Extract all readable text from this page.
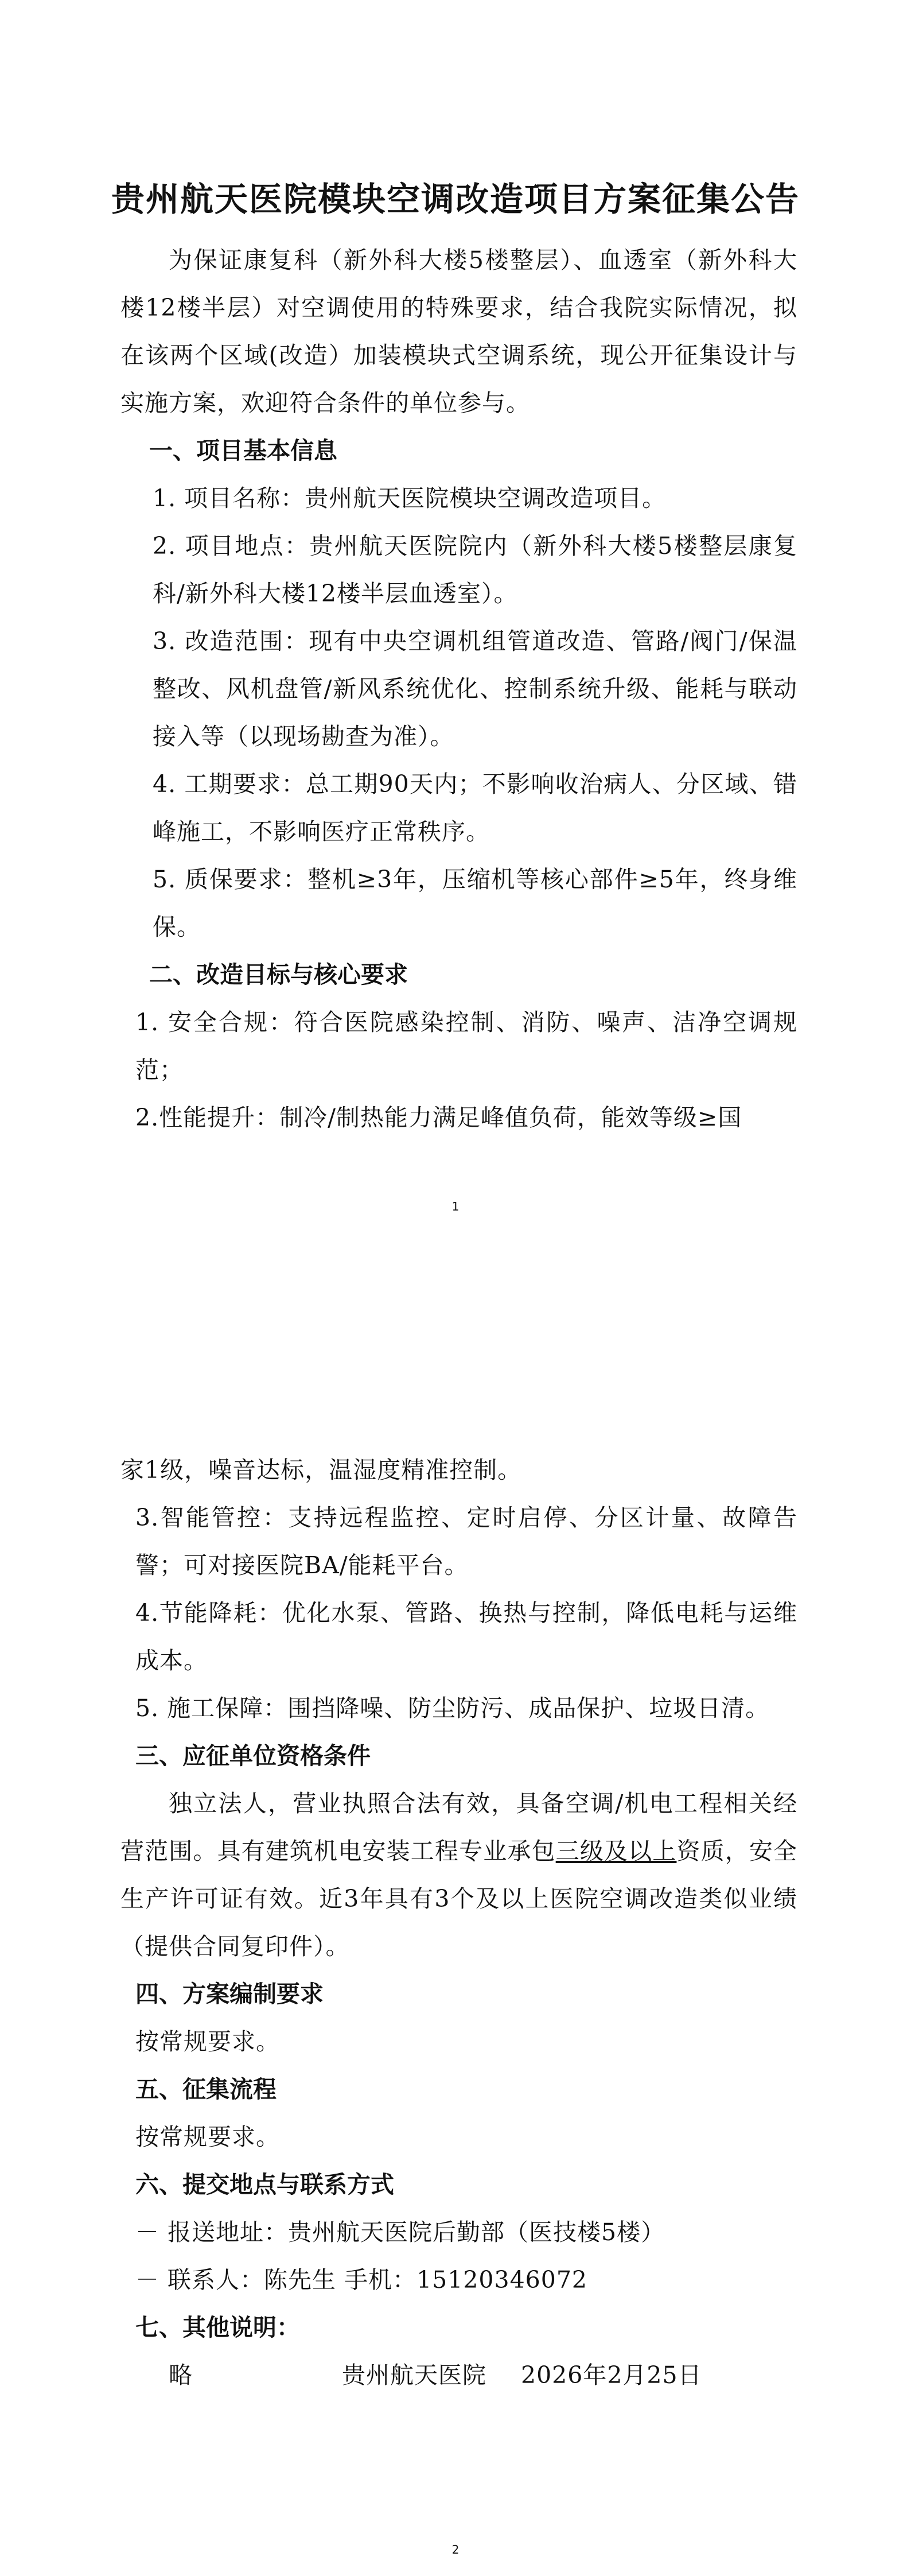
贵州航天医院模块空调改造项目方案征集公告

为保证康复科（新外科大楼5楼整层）、血透室（新外科大楼12楼半层）对空调使用的特殊要求，结合我院实际情况，拟在该两个区域(改造）加装模块式空调系统，现公开征集设计与实施方案，欢迎符合条件的单位参与。

一、项目基本信息

1. 项目名称：贵州航天医院模块空调改造项目。

2. 项目地点：贵州航天医院院内（新外科大楼5楼整层康复科/新外科大楼12楼半层血透室）。

3. 改造范围：现有中央空调机组管道改造、管路/阀门/保温整改、风机盘管/新风系统优化、控制系统升级、能耗与联动接入等（以现场勘查为准）。

4. 工期要求：总工期90天内；不影响收治病人、分区域、错峰施工，不影响医疗正常秩序。

5. 质保要求：整机≥3年，压缩机等核心部件≥5年，终身维保。

二、改造目标与核心要求

1. 安全合规：符合医院感染控制、消防、噪声、洁净空调规范；

2.性能提升：制冷/制热能力满足峰值负荷，能效等级≥国

1

家1级，噪音达标，温湿度精准控制。

3.智能管控：支持远程监控、定时启停、分区计量、故障告警；可对接医院BA/能耗平台。

4.节能降耗：优化水泵、管路、换热与控制，降低电耗与运维成本。

5. 施工保障：围挡降噪、防尘防污、成品保护、垃圾日清。

三、应征单位资格条件

独立法人，营业执照合法有效，具备空调/机电工程相关经营范围。具有建筑机电安装工程专业承包三级及以上资质，安全生产许可证有效。近3年具有3个及以上医院空调改造类似业绩（提供合同复印件）。

四、方案编制要求

按常规要求。

五、征集流程

按常规要求。

六、提交地点与联系方式

－ 报送地址：贵州航天医院后勤部（医技楼5楼）

－ 联系人：陈先生 手机：15120346072

七、其他说明：

略	贵州航天医院 2026年2月25日

2
